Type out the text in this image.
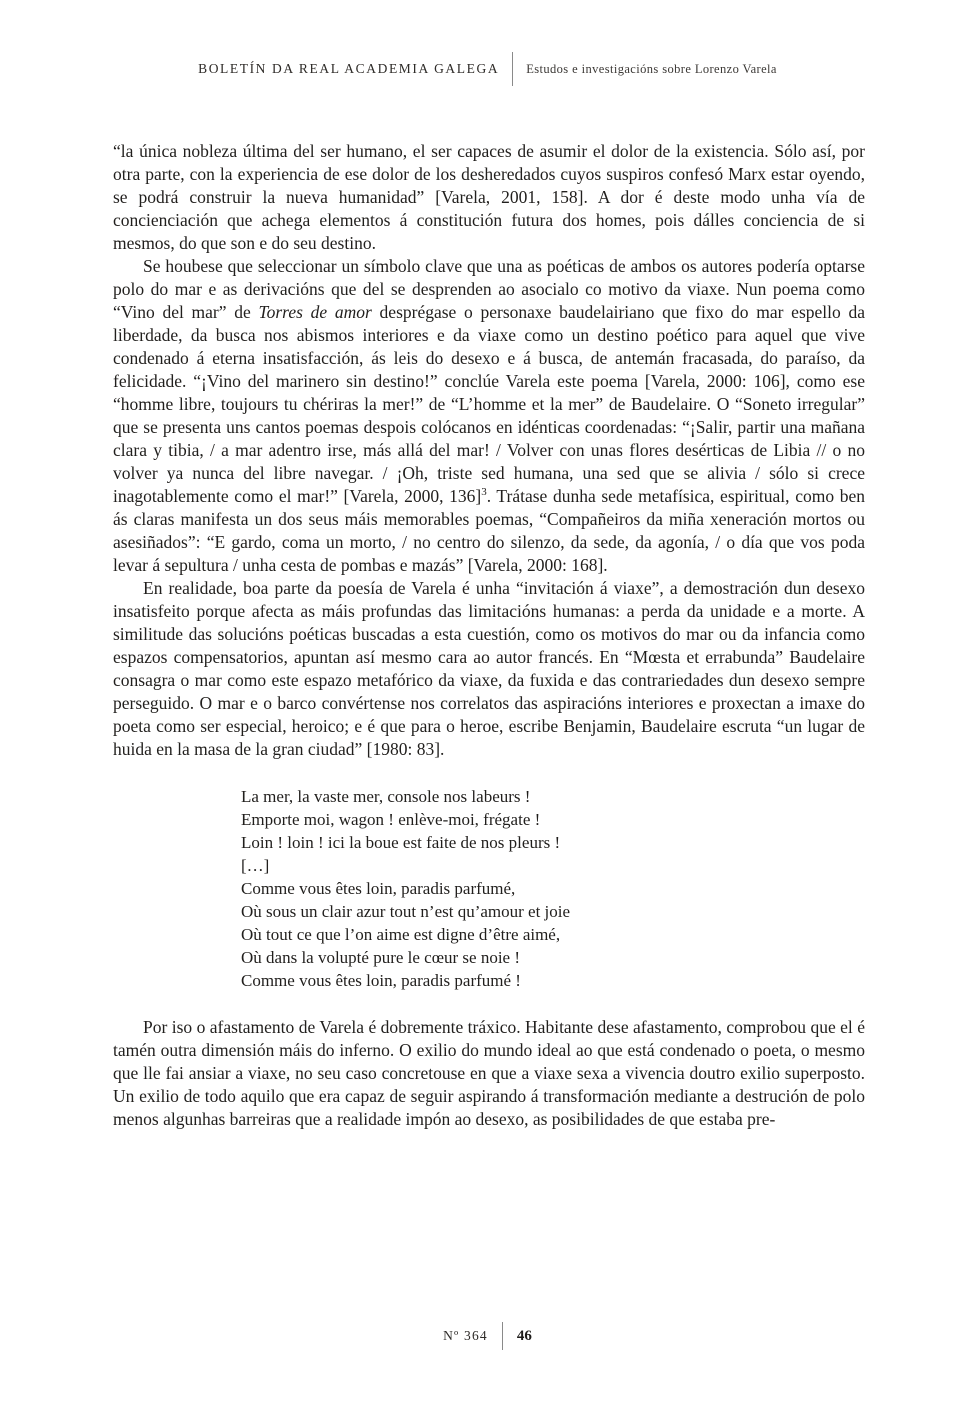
BOLETÍN DA REAL ACADEMIA GALEGA Estudos e investigacións sobre Lorenzo Varela

“la única nobleza última del ser humano, el ser capaces de asumir el dolor de la existencia. Sólo así, por otra parte, con la experiencia de ese dolor de los desheredados cuyos suspiros confesó Marx estar oyendo, se podrá construir la nueva humanidad” [Varela, 2001, 158]. A dor é deste modo unha vía de concienciación que achega elementos á constitución futura dos homes, pois dálles conciencia de si mesmos, do que son e do seu destino.

Se houbese que seleccionar un símbolo clave que una as poéticas de ambos os autores podería optarse polo do mar e as derivacións que del se desprenden ao asocialo co motivo da viaxe. Nun poema como “Vino del mar” de Torres de amor desprégase o personaxe baudelairiano que fixo do mar espello da liberdade, da busca nos abismos interiores e da viaxe como un destino poético para aquel que vive condenado á eterna insatisfacción, ás leis do desexo e á busca, de antemán fracasada, do paraíso, da felicidade. “¡Vino del marinero sin destino!” conclúe Varela este poema [Varela, 2000: 106], como ese “homme libre, toujours tu chériras la mer!” de “L’homme et la mer” de Baudelaire. O “Soneto irregular” que se presenta uns cantos poemas despois colócanos en idénticas coordenadas: “¡Salir, partir una mañana clara y tibia, / a mar adentro irse, más allá del mar! / Volver con unas flores desérticas de Libia // o no volver ya nunca del libre navegar. / ¡Oh, triste sed humana, una sed que se alivia / sólo si crece inagotablemente como el mar!” [Varela, 2000, 136]$^3$. Trátase dunha sede metafísica, espiritual, como ben ás claras manifesta un dos seus máis memorables poemas, “Compañeiros da miña xeneración mortos ou asesiñados”: “E gardo, coma un morto, / no centro do silenzo, da sede, da agonía, / o día que vos poda levar á sepultura / unha cesta de pombas e mazás” [Varela, 2000: 168].

En realidade, boa parte da poesía de Varela é unha “invitación á viaxe”, a demostración dun desexo insatisfeito porque afecta as máis profundas das limitacións humanas: a perda da unidade e a morte. A similitude das solucións poéticas buscadas a esta cuestión, como os motivos do mar ou da infancia como espazos compensatorios, apuntan así mesmo cara ao autor francés. En “Mœsta et errabunda” Baudelaire consagra o mar como este espazo metafórico da viaxe, da fuxida e das contrariedades dun desexo sempre perseguido. O mar e o barco convértense nos correlatos das aspiracións interiores e proxectan a imaxe do poeta como ser especial, heroico; e é que para o heroe, escribe Benjamin, Baudelaire escruta “un lugar de huida en la masa de la gran ciudad” [1980: 83].

La mer, la vaste mer, console nos labeurs !
Emporte moi, wagon ! enlève-moi, frégate !
Loin ! loin ! ici la boue est faite de nos pleurs !
[…]
Comme vous êtes loin, paradis parfumé,
Où sous un clair azur tout n’est qu’amour et joie
Où tout ce que l’on aime est digne d’être aimé,
Où dans la volupté pure le cœur se noie !
Comme vous êtes loin, paradis parfumé !

Por iso o afastamento de Varela é dobremente tráxico. Habitante dese afastamento, comprobou que el é tamén outra dimensión máis do inferno. O exilio do mundo ideal ao que está condenado o poeta, o mesmo que lle fai ansiar a viaxe, no seu caso concretouse en que a viaxe sexa a vivencia doutro exilio superposto. Un exilio de todo aquilo que era capaz de seguir aspirando á transformación mediante a destrución de polo menos algunhas barreiras que a realidade impón ao desexo, as posibilidades de que estaba pre-

Nº 364 46
